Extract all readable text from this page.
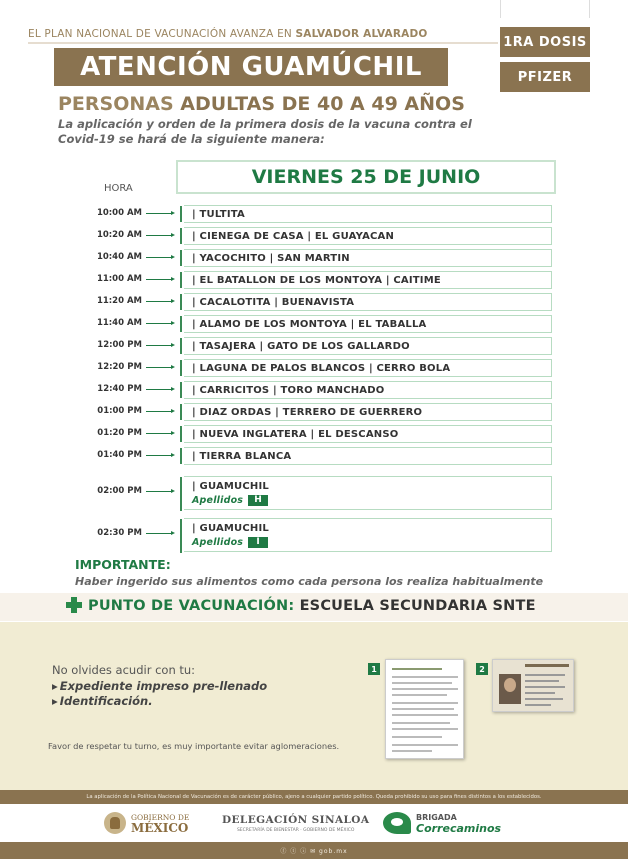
EL PLAN NACIONAL DE VACUNACIÓN AVANZA EN SALVADOR ALVARADO
ATENCIÓN GUAMÚCHIL
1RA DOSIS
PFIZER
PERSONAS ADULTAS DE 40 A 49 AÑOS
La aplicación y orden de la primera dosis de la vacuna contra el Covid-19 se hará de la siguiente manera:
VIERNES 25 DE JUNIO
HORA
10:00 AM	| TULTITA
10:20 AM	| CIENEGA DE CASA | EL GUAYACAN
10:40 AM	| YACOCHITO | SAN MARTIN
11:00 AM	| EL BATALLON DE LOS MONTOYA | CAITIME
11:20 AM	| CACALOTITA | BUENAVISTA
11:40 AM	| ALAMO DE LOS MONTOYA | EL TABALLA
12:00 PM	| TASAJERA | GATO DE LOS GALLARDO
12:20 PM	| LAGUNA DE PALOS BLANCOS | CERRO BOLA
12:40 PM	| CARRICITOS | TORO MANCHADO
01:00 PM	| DIAZ ORDAS | TERRERO DE GUERRERO
01:20 PM	| NUEVA INGLATERA | EL DESCANSO
01:40 PM	| TIERRA BLANCA
02:00 PM	| GUAMUCHIL
Apellidos	H
02:30 PM	| GUAMUCHIL
Apellidos	I
IMPORTANTE:
Haber ingerido sus alimentos como cada persona los realiza habitualmente
PUNTO DE VACUNACIÓN: ESCUELA SECUNDARIA SNTE
No olvides acudir con tu:
▸ Expediente impreso pre-llenado
▸ Identificación.
Favor de respetar tu turno, es muy importante evitar aglomeraciones.
1	2
La aplicación de la Política Nacional de Vacunación es de carácter público, ajeno a cualquier partido político. Queda prohibido su uso para fines distintos a los establecidos.
GOBIERNO DE
MÉXICO
DELEGACIÓN SINALOA
SECRETARÍA DE BIENESTAR · GOBIERNO DE MÉXICO
BRIGADA
Correcaminos
ⓕ ⓣ ⓘ ✉ gob.mx
